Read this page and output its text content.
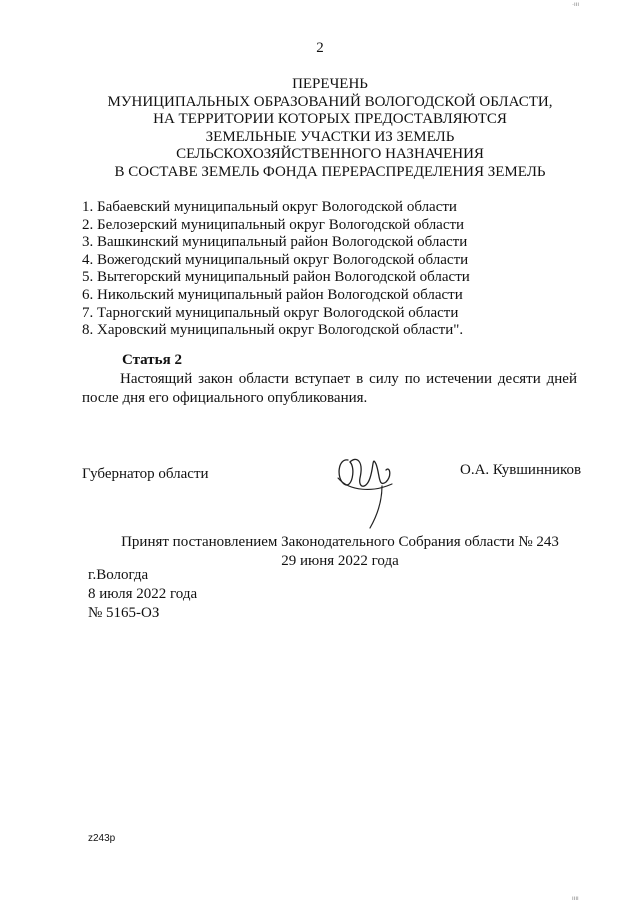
2
ПЕРЕЧЕНЬ
МУНИЦИПАЛЬНЫХ ОБРАЗОВАНИЙ ВОЛОГОДСКОЙ ОБЛАСТИ,
НА ТЕРРИТОРИИ КОТОРЫХ ПРЕДОСТАВЛЯЮТСЯ
ЗЕМЕЛЬНЫЕ УЧАСТКИ ИЗ ЗЕМЕЛЬ
СЕЛЬСКОХОЗЯЙСТВЕННОГО НАЗНАЧЕНИЯ
В СОСТАВЕ ЗЕМЕЛЬ ФОНДА ПЕРЕРАСПРЕДЕЛЕНИЯ ЗЕМЕЛЬ
1. Бабаевский муниципальный округ Вологодской области
2. Белозерский муниципальный округ Вологодской области
3. Вашкинский муниципальный район Вологодской области
4. Вожегодский муниципальный округ Вологодской области
5. Вытегорский муниципальный район Вологодской области
6. Никольский муниципальный район Вологодской области
7. Тарногский муниципальный округ Вологодской области
8. Харовский муниципальный округ Вологодской области".
Статья 2
Настоящий закон области вступает в силу по истечении десяти дней после дня его официального опубликования.
Губернатор области	О.А. Кувшинников
Принят постановлением Законодательного Собрания области № 243
29 июня 2022 года
г.Вологда
8 июля 2022 года
№ 5165-ОЗ
z243р
·ııı
ıııı
